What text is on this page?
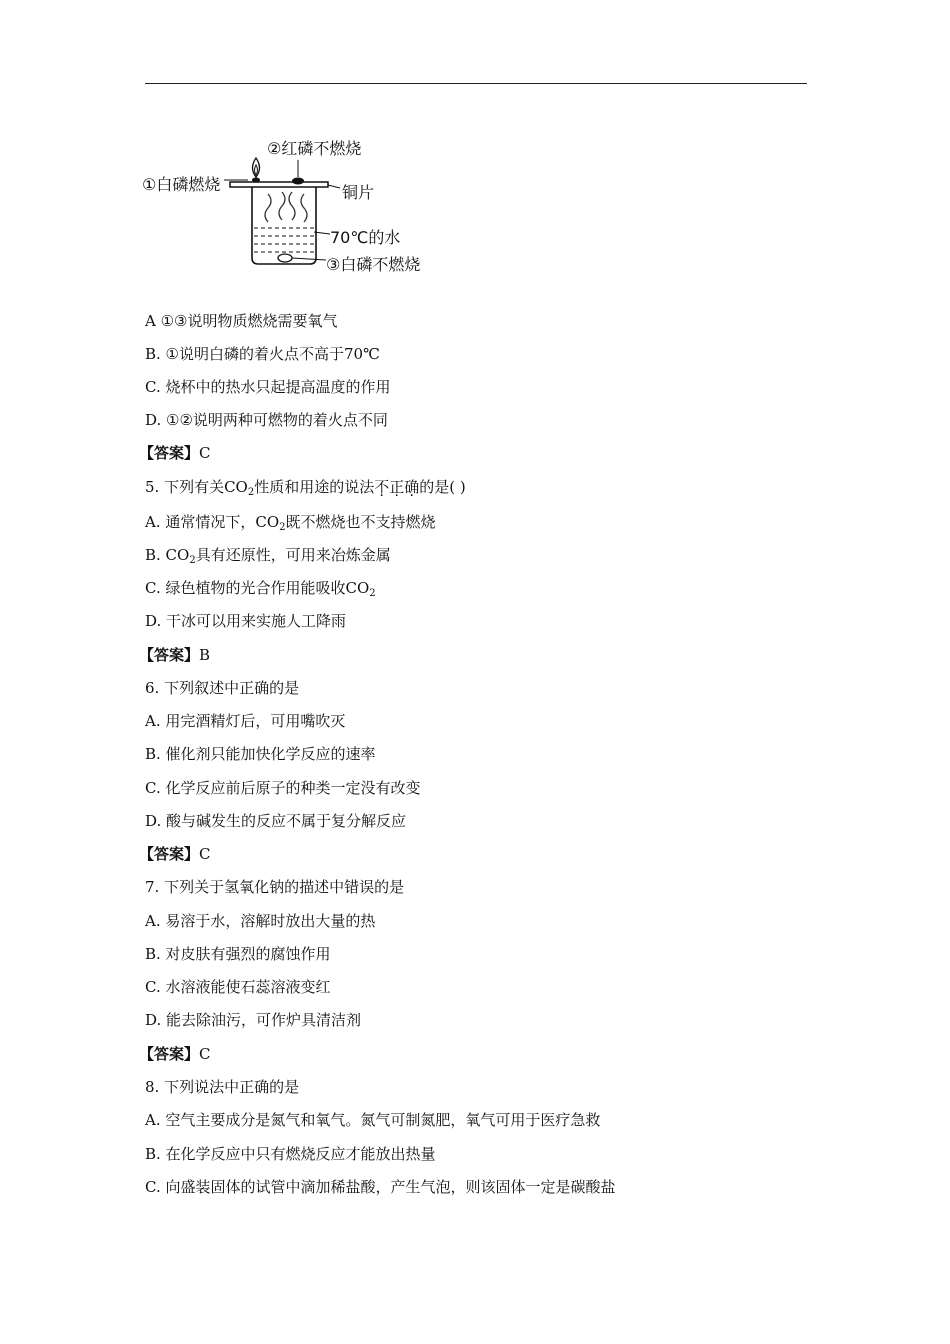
②红磷不燃烧
①白磷燃烧	铜片
70℃的水
③白磷不燃烧
A ①③说明物质燃烧需要氧气
B. ①说明白磷的着火点不高于70℃
C. 烧杯中的热水只起提高温度的作用
D. ①②说明两种可燃物的着火点不同
【答案】C
5. 下列有关$CO_2$性质和用途的说法不正确的是( )
A. 通常情况下，$CO_2$既不燃烧也不支持燃烧
B. $CO_2$具有还原性，可用来冶炼金属
C. 绿色植物的光合作用能吸收$CO_2$
D. 干冰可以用来实施人工降雨
【答案】B
6. 下列叙述中正确的是
A. 用完酒精灯后，可用嘴吹灭
B. 催化剂只能加快化学反应的速率
C. 化学反应前后原子的种类一定没有改变
D. 酸与碱发生的反应不属于复分解反应
【答案】C
7. 下列关于氢氧化钠的描述中错误的是
A. 易溶于水，溶解时放出大量的热
B. 对皮肤有强烈的腐蚀作用
C. 水溶液能使石蕊溶液变红
D. 能去除油污，可作炉具清洁剂
【答案】C
8. 下列说法中正确的是
A. 空气主要成分是氮气和氧气。氮气可制氮肥，氧气可用于医疗急救
B. 在化学反应中只有燃烧反应才能放出热量
C. 向盛装固体的试管中滴加稀盐酸，产生气泡，则该固体一定是碳酸盐
